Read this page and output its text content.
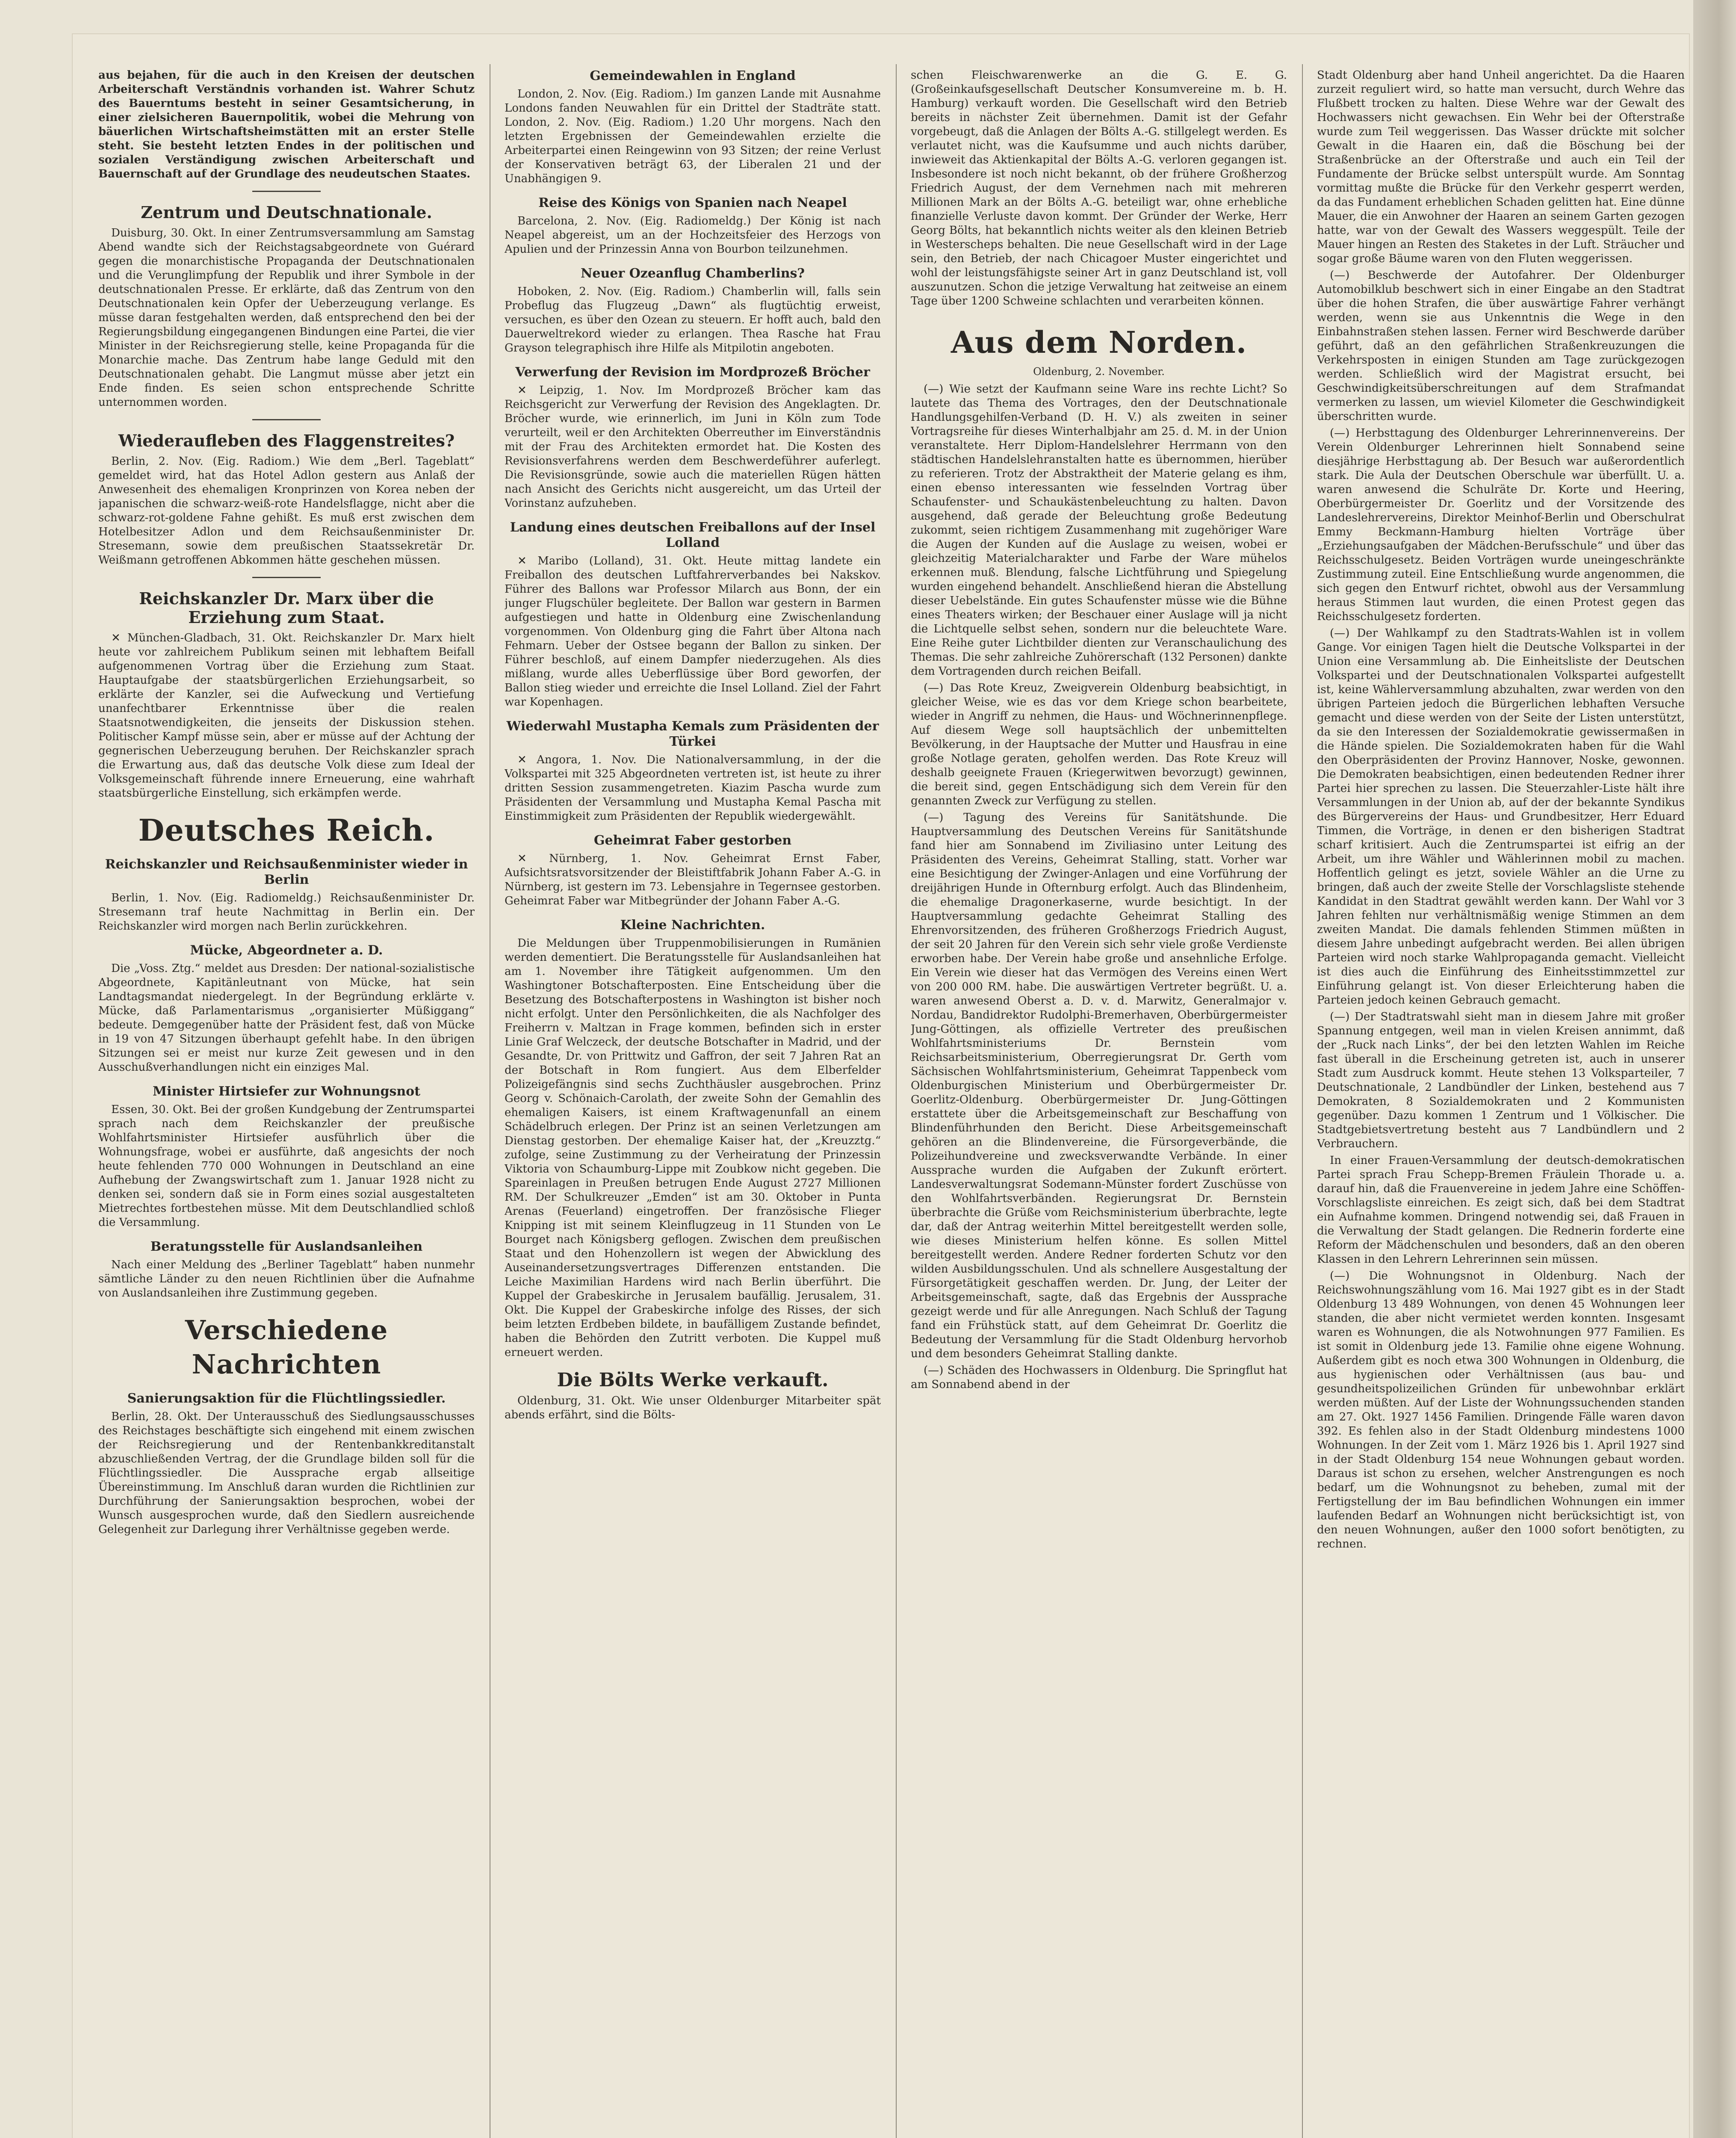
aus bejahen, für die auch in den Kreisen der deutschen Arbeiterschaft Verständnis vorhanden ist. Wahrer Schutz des Bauerntums besteht in seiner Gesamtsicherung, in einer zielsicheren Bauernpolitik, wobei die Mehrung von bäuerlichen Wirtschaftsheimstätten mit an erster Stelle steht. Sie besteht letzten Endes in der politischen und sozialen Verständigung zwischen Arbeiterschaft und Bauernschaft auf der Grundlage des neudeutschen Staates.

Zentrum und Deutschnationale.

Duisburg, 30. Okt. In einer Zentrumsversammlung am Samstag Abend wandte sich der Reichstagsabgeordnete von Guérard gegen die monarchistische Propaganda der Deutschnationalen und die Verunglimpfung der Republik und ihrer Symbole in der deutschnationalen Presse. Er erklärte, daß das Zentrum von den Deutschnationalen kein Opfer der Ueberzeugung verlange. Es müsse daran festgehalten werden, daß entsprechend den bei der Regierungsbildung eingegangenen Bindungen eine Partei, die vier Minister in der Reichsregierung stelle, keine Propaganda für die Monarchie mache. Das Zentrum habe lange Geduld mit den Deutschnationalen gehabt. Die Langmut müsse aber jetzt ein Ende finden. Es seien schon entsprechende Schritte unternommen worden.

Wiederaufleben des Flaggenstreites?

Berlin, 2. Nov. (Eig. Radiom.) Wie dem „Berl. Tageblatt“ gemeldet wird, hat das Hotel Adlon gestern aus Anlaß der Anwesenheit des ehemaligen Kronprinzen von Korea neben der japanischen die schwarz-weiß-rote Handelsflagge, nicht aber die schwarz-rot-goldene Fahne gehißt. Es muß erst zwischen dem Hotelbesitzer Adlon und dem Reichsaußenminister Dr. Stresemann, sowie dem preußischen Staatssekretär Dr. Weißmann getroffenen Abkommen hätte geschehen müssen.

Reichskanzler Dr. Marx über die Erziehung zum Staat.

✕ München-Gladbach, 31. Okt. Reichskanzler Dr. Marx hielt heute vor zahlreichem Publikum seinen mit lebhaftem Beifall aufgenommenen Vortrag über die Erziehung zum Staat. Hauptaufgabe der staatsbürgerlichen Erziehungsarbeit, so erklärte der Kanzler, sei die Aufweckung und Vertiefung unanfechtbarer Erkenntnisse über die realen Staatsnotwendigkeiten, die jenseits der Diskussion stehen. Politischer Kampf müsse sein, aber er müsse auf der Achtung der gegnerischen Ueberzeugung beruhen. Der Reichskanzler sprach die Erwartung aus, daß das deutsche Volk diese zum Ideal der Volksgemeinschaft führende innere Erneuerung, eine wahrhaft staatsbürgerliche Einstellung, sich erkämpfen werde.

Deutsches Reich.
Reichskanzler und Reichsaußenminister wieder in Berlin

Berlin, 1. Nov. (Eig. Radiomeldg.) Reichsaußenminister Dr. Stresemann traf heute Nachmittag in Berlin ein. Der Reichskanzler wird morgen nach Berlin zurückkehren.

Mücke, Abgeordneter a. D.

Die „Voss. Ztg.“ meldet aus Dresden: Der national-sozialistische Abgeordnete, Kapitänleutnant von Mücke, hat sein Landtagsmandat niedergelegt. In der Begründung erklärte v. Mücke, daß Parlamentarismus „organisierter Müßiggang“ bedeute. Demgegenüber hatte der Präsident fest, daß von Mücke in 19 von 47 Sitzungen überhaupt gefehlt habe. In den übrigen Sitzungen sei er meist nur kurze Zeit gewesen und in den Ausschußverhandlungen nicht ein einziges Mal.

Minister Hirtsiefer zur Wohnungsnot

Essen, 30. Okt. Bei der großen Kundgebung der Zentrumspartei sprach nach dem Reichskanzler der preußische Wohlfahrtsminister Hirtsiefer ausführlich über die Wohnungsfrage, wobei er ausführte, daß angesichts der noch heute fehlenden 770 000 Wohnungen in Deutschland an eine Aufhebung der Zwangswirtschaft zum 1. Januar 1928 nicht zu denken sei, sondern daß sie in Form eines sozial ausgestalteten Mietrechtes fortbestehen müsse. Mit dem Deutschlandlied schloß die Versammlung.

Beratungsstelle für Auslandsanleihen

Nach einer Meldung des „Berliner Tageblatt“ haben nunmehr sämtliche Länder zu den neuen Richtlinien über die Aufnahme von Auslandsanleihen ihre Zustimmung gegeben.

Verschiedene Nachrichten
Sanierungsaktion für die Flüchtlingssiedler.

Berlin, 28. Okt. Der Unterausschuß des Siedlungsausschusses des Reichstages beschäftigte sich eingehend mit einem zwischen der Reichsregierung und der Rentenbankkreditanstalt abzuschließenden Vertrag, der die Grundlage bilden soll für die Flüchtlingssiedler. Die Aussprache ergab allseitige Übereinstimmung. Im Anschluß daran wurden die Richtlinien zur Durchführung der Sanierungsaktion besprochen, wobei der Wunsch ausgesprochen wurde, daß den Siedlern ausreichende Gelegenheit zur Darlegung ihrer Verhältnisse gegeben werde.

Gemeindewahlen in England

London, 2. Nov. (Eig. Radiom.) Im ganzen Lande mit Ausnahme Londons fanden Neuwahlen für ein Drittel der Stadträte statt. London, 2. Nov. (Eig. Radiom.) 1.20 Uhr morgens. Nach den letzten Ergebnissen der Gemeindewahlen erzielte die Arbeiterpartei einen Reingewinn von 93 Sitzen; der reine Verlust der Konservativen beträgt 63, der Liberalen 21 und der Unabhängigen 9.

Reise des Königs von Spanien nach Neapel

Barcelona, 2. Nov. (Eig. Radiomeldg.) Der König ist nach Neapel abgereist, um an der Hochzeitsfeier des Herzogs von Apulien und der Prinzessin Anna von Bourbon teilzunehmen.

Neuer Ozeanflug Chamberlins?

Hoboken, 2. Nov. (Eig. Radiom.) Chamberlin will, falls sein Probeflug das Flugzeug „Dawn“ als flugtüchtig erweist, versuchen, es über den Ozean zu steuern. Er hofft auch, bald den Dauerweltrekord wieder zu erlangen. Thea Rasche hat Frau Grayson telegraphisch ihre Hilfe als Mitpilotin angeboten.

Verwerfung der Revision im Mordprozeß Bröcher

✕ Leipzig, 1. Nov. Im Mordprozeß Bröcher kam das Reichsgericht zur Verwerfung der Revision des Angeklagten. Dr. Bröcher wurde, wie erinnerlich, im Juni in Köln zum Tode verurteilt, weil er den Architekten Oberreuther im Einverständnis mit der Frau des Architekten ermordet hat. Die Kosten des Revisionsverfahrens werden dem Beschwerdeführer auferlegt. Die Revisionsgründe, sowie auch die materiellen Rügen hätten nach Ansicht des Gerichts nicht ausgereicht, um das Urteil der Vorinstanz aufzuheben.

Landung eines deutschen Freiballons auf der Insel Lolland

✕ Maribo (Lolland), 31. Okt. Heute mittag landete ein Freiballon des deutschen Luftfahrerverbandes bei Nakskov. Führer des Ballons war Professor Milarch aus Bonn, der ein junger Flugschüler begleitete. Der Ballon war gestern in Barmen aufgestiegen und hatte in Oldenburg eine Zwischenlandung vorgenommen. Von Oldenburg ging die Fahrt über Altona nach Fehmarn. Ueber der Ostsee begann der Ballon zu sinken. Der Führer beschloß, auf einem Dampfer niederzugehen. Als dies mißlang, wurde alles Ueberflüssige über Bord geworfen, der Ballon stieg wieder und erreichte die Insel Lolland. Ziel der Fahrt war Kopenhagen.

Wiederwahl Mustapha Kemals zum Präsidenten der Türkei

✕ Angora, 1. Nov. Die Nationalversammlung, in der die Volkspartei mit 325 Abgeordneten vertreten ist, ist heute zu ihrer dritten Session zusammengetreten. Kiazim Pascha wurde zum Präsidenten der Versammlung und Mustapha Kemal Pascha mit Einstimmigkeit zum Präsidenten der Republik wiedergewählt.

Geheimrat Faber gestorben

✕ Nürnberg, 1. Nov. Geheimrat Ernst Faber, Aufsichtsratsvorsitzender der Bleistiftfabrik Johann Faber A.-G. in Nürnberg, ist gestern im 73. Lebensjahre in Tegernsee gestorben. Geheimrat Faber war Mitbegründer der Johann Faber A.-G.

Kleine Nachrichten.

Die Meldungen über Truppenmobilisierungen in Rumänien werden dementiert. Die Beratungsstelle für Auslandsanleihen hat am 1. November ihre Tätigkeit aufgenommen. Um den Washingtoner Botschafterposten. Eine Entscheidung über die Besetzung des Botschafterpostens in Washington ist bisher noch nicht erfolgt. Unter den Persönlichkeiten, die als Nachfolger des Freiherrn v. Maltzan in Frage kommen, befinden sich in erster Linie Graf Welczeck, der deutsche Botschafter in Madrid, und der Gesandte, Dr. von Prittwitz und Gaffron, der seit 7 Jahren Rat an der Botschaft in Rom fungiert. Aus dem Elberfelder Polizeigefängnis sind sechs Zuchthäusler ausgebrochen. Prinz Georg v. Schönaich-Carolath, der zweite Sohn der Gemahlin des ehemaligen Kaisers, ist einem Kraftwagenunfall an einem Schädelbruch erlegen. Der Prinz ist an seinen Verletzungen am Dienstag gestorben. Der ehemalige Kaiser hat, der „Kreuzztg.“ zufolge, seine Zustimmung zu der Verheiratung der Prinzessin Viktoria von Schaumburg-Lippe mit Zoubkow nicht gegeben. Die Spareinlagen in Preußen betrugen Ende August 2727 Millionen RM. Der Schulkreuzer „Emden“ ist am 30. Oktober in Punta Arenas (Feuerland) eingetroffen. Der französische Flieger Knipping ist mit seinem Kleinflugzeug in 11 Stunden von Le Bourget nach Königsberg geflogen. Zwischen dem preußischen Staat und den Hohenzollern ist wegen der Abwicklung des Auseinandersetzungsvertrages Differenzen entstanden. Die Leiche Maximilian Hardens wird nach Berlin überführt. Die Kuppel der Grabeskirche in Jerusalem baufällig. Jerusalem, 31. Okt. Die Kuppel der Grabeskirche infolge des Risses, der sich beim letzten Erdbeben bildete, in baufälligem Zustande befindet, haben die Behörden den Zutritt verboten. Die Kuppel muß erneuert werden.

Die Bölts Werke verkauft.

Oldenburg, 31. Okt. Wie unser Oldenburger Mitarbeiter spät abends erfährt, sind die Bölts-

schen Fleischwarenwerke an die G. E. G. (Großeinkaufsgesellschaft Deutscher Konsumvereine m. b. H. Hamburg) verkauft worden. Die Gesellschaft wird den Betrieb bereits in nächster Zeit übernehmen. Damit ist der Gefahr vorgebeugt, daß die Anlagen der Bölts A.-G. stillgelegt werden. Es verlautet nicht, was die Kaufsumme und auch nichts darüber, inwieweit das Aktienkapital der Bölts A.-G. verloren gegangen ist. Insbesondere ist noch nicht bekannt, ob der frühere Großherzog Friedrich August, der dem Vernehmen nach mit mehreren Millionen Mark an der Bölts A.-G. beteiligt war, ohne erhebliche finanzielle Verluste davon kommt. Der Gründer der Werke, Herr Georg Bölts, hat bekanntlich nichts weiter als den kleinen Betrieb in Westerscheps behalten. Die neue Gesellschaft wird in der Lage sein, den Betrieb, der nach Chicagoer Muster eingerichtet und wohl der leistungsfähigste seiner Art in ganz Deutschland ist, voll auszunutzen. Schon die jetzige Verwaltung hat zeitweise an einem Tage über 1200 Schweine schlachten und verarbeiten können.

Aus dem Norden.
Oldenburg, 2. November.

(—) Wie setzt der Kaufmann seine Ware ins rechte Licht? So lautete das Thema des Vortrages, den der Deutschnationale Handlungsgehilfen-Verband (D. H. V.) als zweiten in seiner Vortragsreihe für dieses Winterhalbjahr am 25. d. M. in der Union veranstaltete. Herr Diplom-Handelslehrer Herrmann von den städtischen Handelslehranstalten hatte es übernommen, hierüber zu referieren. Trotz der Abstraktheit der Materie gelang es ihm, einen ebenso interessanten wie fesselnden Vortrag über Schaufenster- und Schaukästenbeleuchtung zu halten. Davon ausgehend, daß gerade der Beleuchtung große Bedeutung zukommt, seien richtigem Zusammenhang mit zugehöriger Ware die Augen der Kunden auf die Auslage zu weisen, wobei er gleichzeitig Materialcharakter und Farbe der Ware mühelos erkennen muß. Blendung, falsche Lichtführung und Spiegelung wurden eingehend behandelt. Anschließend hieran die Abstellung dieser Uebelstände. Ein gutes Schaufenster müsse wie die Bühne eines Theaters wirken; der Beschauer einer Auslage will ja nicht die Lichtquelle selbst sehen, sondern nur die beleuchtete Ware. Eine Reihe guter Lichtbilder dienten zur Veranschaulichung des Themas. Die sehr zahlreiche Zuhörerschaft (132 Personen) dankte dem Vortragenden durch reichen Beifall.

(—) Das Rote Kreuz, Zweigverein Oldenburg beabsichtigt, in gleicher Weise, wie es das vor dem Kriege schon bearbeitete, wieder in Angriff zu nehmen, die Haus- und Wöchnerinnenpflege. Auf diesem Wege soll hauptsächlich der unbemittelten Bevölkerung, in der Hauptsache der Mutter und Hausfrau in eine große Notlage geraten, geholfen werden. Das Rote Kreuz will deshalb geeignete Frauen (Kriegerwitwen bevorzugt) gewinnen, die bereit sind, gegen Entschädigung sich dem Verein für den genannten Zweck zur Verfügung zu stellen.

(—) Tagung des Vereins für Sanitätshunde. Die Hauptversammlung des Deutschen Vereins für Sanitätshunde fand hier am Sonnabend im Ziviliasino unter Leitung des Präsidenten des Vereins, Geheimrat Stalling, statt. Vorher war eine Besichtigung der Zwinger-Anlagen und eine Vorführung der dreijährigen Hunde in Ofternburg erfolgt. Auch das Blindenheim, die ehemalige Dragonerkaserne, wurde besichtigt. In der Hauptversammlung gedachte Geheimrat Stalling des Ehrenvorsitzenden, des früheren Großherzogs Friedrich August, der seit 20 Jahren für den Verein sich sehr viele große Verdienste erworben habe. Der Verein habe große und ansehnliche Erfolge. Ein Verein wie dieser hat das Vermögen des Vereins einen Wert von 200 000 RM. habe. Die auswärtigen Vertreter begrüßt. U. a. waren anwesend Oberst a. D. v. d. Marwitz, Generalmajor v. Nordau, Bandidrektor Rudolphi-Bremerhaven, Oberbürgermeister Jung-Göttingen, als offizielle Vertreter des preußischen Wohlfahrtsministeriums Dr. Bernstein vom Reichsarbeitsministerium, Oberregierungsrat Dr. Gerth vom Sächsischen Wohlfahrtsministerium, Geheimrat Tappenbeck vom Oldenburgischen Ministerium und Oberbürgermeister Dr. Goerlitz-Oldenburg. Oberbürgermeister Dr. Jung-Göttingen erstattete über die Arbeitsgemeinschaft zur Beschaffung von Blindenführhunden den Bericht. Diese Arbeitsgemeinschaft gehören an die Blindenvereine, die Fürsorgeverbände, die Polizeihundvereine und zwecksverwandte Verbände. In einer Aussprache wurden die Aufgaben der Zukunft erörtert. Landesverwaltungsrat Sodemann-Münster fordert Zuschüsse von den Wohlfahrtsverbänden. Regierungsrat Dr. Bernstein überbrachte die Grüße vom Reichsministerium überbrachte, legte dar, daß der Antrag weiterhin Mittel bereitgestellt werden solle, wie dieses Ministerium helfen könne. Es sollen Mittel bereitgestellt werden. Andere Redner forderten Schutz vor den wilden Ausbildungsschulen. Und als schnellere Ausgestaltung der Fürsorgetätigkeit geschaffen werden. Dr. Jung, der Leiter der Arbeitsgemeinschaft, sagte, daß das Ergebnis der Aussprache gezeigt werde und für alle Anregungen. Nach Schluß der Tagung fand ein Frühstück statt, auf dem Geheimrat Dr. Goerlitz die Bedeutung der Versammlung für die Stadt Oldenburg hervorhob und dem besonders Geheimrat Stalling dankte.

(—) Schäden des Hochwassers in Oldenburg. Die Springflut hat am Sonnabend abend in der

Stadt Oldenburg aber hand Unheil angerichtet. Da die Haaren zurzeit reguliert wird, so hatte man versucht, durch Wehre das Flußbett trocken zu halten. Diese Wehre war der Gewalt des Hochwassers nicht gewachsen. Ein Wehr bei der Ofterstraße wurde zum Teil weggerissen. Das Wasser drückte mit solcher Gewalt in die Haaren ein, daß die Böschung bei der Straßenbrücke an der Ofterstraße und auch ein Teil der Fundamente der Brücke selbst unterspült wurde. Am Sonntag vormittag mußte die Brücke für den Verkehr gesperrt werden, da das Fundament erheblichen Schaden gelitten hat. Eine dünne Mauer, die ein Anwohner der Haaren an seinem Garten gezogen hatte, war von der Gewalt des Wassers weggespült. Teile der Mauer hingen an Resten des Staketes in der Luft. Sträucher und sogar große Bäume waren von den Fluten weggerissen.

(—) Beschwerde der Autofahrer. Der Oldenburger Automobilklub beschwert sich in einer Eingabe an den Stadtrat über die hohen Strafen, die über auswärtige Fahrer verhängt werden, wenn sie aus Unkenntnis die Wege in den Einbahnstraßen stehen lassen. Ferner wird Beschwerde darüber geführt, daß an den gefährlichen Straßenkreuzungen die Verkehrsposten in einigen Stunden am Tage zurückgezogen werden. Schließlich wird der Magistrat ersucht, bei Geschwindigkeitsüberschreitungen auf dem Strafmandat vermerken zu lassen, um wieviel Kilometer die Geschwindigkeit überschritten wurde.

(—) Herbsttagung des Oldenburger Lehrerinnenvereins. Der Verein Oldenburger Lehrerinnen hielt Sonnabend seine diesjährige Herbsttagung ab. Der Besuch war außerordentlich stark. Die Aula der Deutschen Oberschule war überfüllt. U. a. waren anwesend die Schulräte Dr. Korte und Heering, Oberbürgermeister Dr. Goerlitz und der Vorsitzende des Landeslehrervereins, Direktor Meinhof-Berlin und Oberschulrat Emmy Beckmann-Hamburg hielten Vorträge über „Erziehungsaufgaben der Mädchen-Berufsschule“ und über das Reichsschulgesetz. Beiden Vorträgen wurde uneingeschränkte Zustimmung zuteil. Eine Entschließung wurde angenommen, die sich gegen den Entwurf richtet, obwohl aus der Versammlung heraus Stimmen laut wurden, die einen Protest gegen das Reichsschulgesetz forderten.

(—) Der Wahlkampf zu den Stadtrats-Wahlen ist in vollem Gange. Vor einigen Tagen hielt die Deutsche Volkspartei in der Union eine Versammlung ab. Die Einheitsliste der Deutschen Volkspartei und der Deutschnationalen Volkspartei aufgestellt ist, keine Wählerversammlung abzuhalten, zwar werden von den übrigen Parteien jedoch die Bürgerlichen lebhaften Versuche gemacht und diese werden von der Seite der Listen unterstützt, da sie den Interessen der Sozialdemokratie gewissermaßen in die Hände spielen. Die Sozialdemokraten haben für die Wahl den Oberpräsidenten der Provinz Hannover, Noske, gewonnen. Die Demokraten beabsichtigen, einen bedeutenden Redner ihrer Partei hier sprechen zu lassen. Die Steuerzahler-Liste hält ihre Versammlungen in der Union ab, auf der der bekannte Syndikus des Bürgervereins der Haus- und Grundbesitzer, Herr Eduard Timmen, die Vorträge, in denen er den bisherigen Stadtrat scharf kritisiert. Auch die Zentrumspartei ist eifrig an der Arbeit, um ihre Wähler und Wählerinnen mobil zu machen. Hoffentlich gelingt es jetzt, soviele Wähler an die Urne zu bringen, daß auch der zweite Stelle der Vorschlagsliste stehende Kandidat in den Stadtrat gewählt werden kann. Der Wahl vor 3 Jahren fehlten nur verhältnismäßig wenige Stimmen an dem zweiten Mandat. Die damals fehlenden Stimmen müßten in diesem Jahre unbedingt aufgebracht werden. Bei allen übrigen Parteien wird noch starke Wahlpropaganda gemacht. Vielleicht ist dies auch die Einführung des Einheitsstimmzettel zur Einführung gelangt ist. Von dieser Erleichterung haben die Parteien jedoch keinen Gebrauch gemacht.

(—) Der Stadtratswahl sieht man in diesem Jahre mit großer Spannung entgegen, weil man in vielen Kreisen annimmt, daß der „Ruck nach Links“, der bei den letzten Wahlen im Reiche fast überall in die Erscheinung getreten ist, auch in unserer Stadt zum Ausdruck kommt. Heute stehen 13 Volksparteiler, 7 Deutschnationale, 2 Landbündler der Linken, bestehend aus 7 Demokraten, 8 Sozialdemokraten und 2 Kommunisten gegenüber. Dazu kommen 1 Zentrum und 1 Völkischer. Die Stadtgebietsvertretung besteht aus 7 Landbündlern und 2 Verbrauchern.

In einer Frauen-Versammlung der deutsch-demokratischen Partei sprach Frau Schepp-Bremen Fräulein Thorade u. a. darauf hin, daß die Frauenvereine in jedem Jahre eine Schöffen-Vorschlagsliste einreichen. Es zeigt sich, daß bei dem Stadtrat ein Aufnahme kommen. Dringend notwendig sei, daß Frauen in die Verwaltung der Stadt gelangen. Die Rednerin forderte eine Reform der Mädchenschulen und besonders, daß an den oberen Klassen in den Lehrern Lehrerinnen sein müssen.

(—) Die Wohnungsnot in Oldenburg. Nach der Reichswohnungszählung vom 16. Mai 1927 gibt es in der Stadt Oldenburg 13 489 Wohnungen, von denen 45 Wohnungen leer standen, die aber nicht vermietet werden konnten. Insgesamt waren es Wohnungen, die als Notwohnungen 977 Familien. Es ist somit in Oldenburg jede 13. Familie ohne eigene Wohnung. Außerdem gibt es noch etwa 300 Wohnungen in Oldenburg, die aus hygienischen oder Verhältnissen (aus bau- und gesundheitspolizeilichen Gründen für unbewohnbar erklärt werden müßten. Auf der Liste der Wohnungssuchenden standen am 27. Okt. 1927 1456 Familien. Dringende Fälle waren davon 392. Es fehlen also in der Stadt Oldenburg mindestens 1000 Wohnungen. In der Zeit vom 1. März 1926 bis 1. April 1927 sind in der Stadt Oldenburg 154 neue Wohnungen gebaut worden. Daraus ist schon zu ersehen, welcher Anstrengungen es noch bedarf, um die Wohnungsnot zu beheben, zumal mit der Fertigstellung der im Bau befindlichen Wohnungen ein immer laufenden Bedarf an Wohnungen nicht berücksichtigt ist, von den neuen Wohnungen, außer den 1000 sofort benötigten, zu rechnen.
